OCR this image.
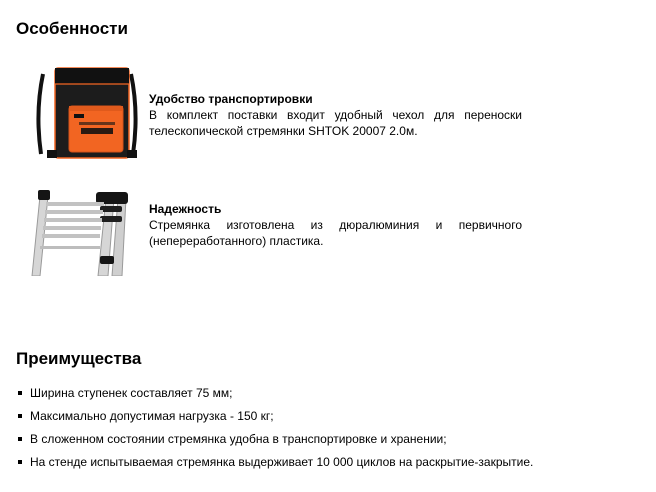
Особенности
Удобство транспортировки
В комплект поставки входит удобный чехол для переноски телескопической стремянки SHTOK 20007 2.0м.
Надежность
Стремянка изготовлена из дюралюминия и первичного (непереработанного) пластика.
Преимущества
Ширина ступенек составляет 75 мм;
Максимально допустимая нагрузка - 150 кг;
В сложенном состоянии стремянка удобна в транспортировке и хранении;
На стенде испытываемая стремянка выдерживает 10 000 циклов на раскрытие-закрытие.
